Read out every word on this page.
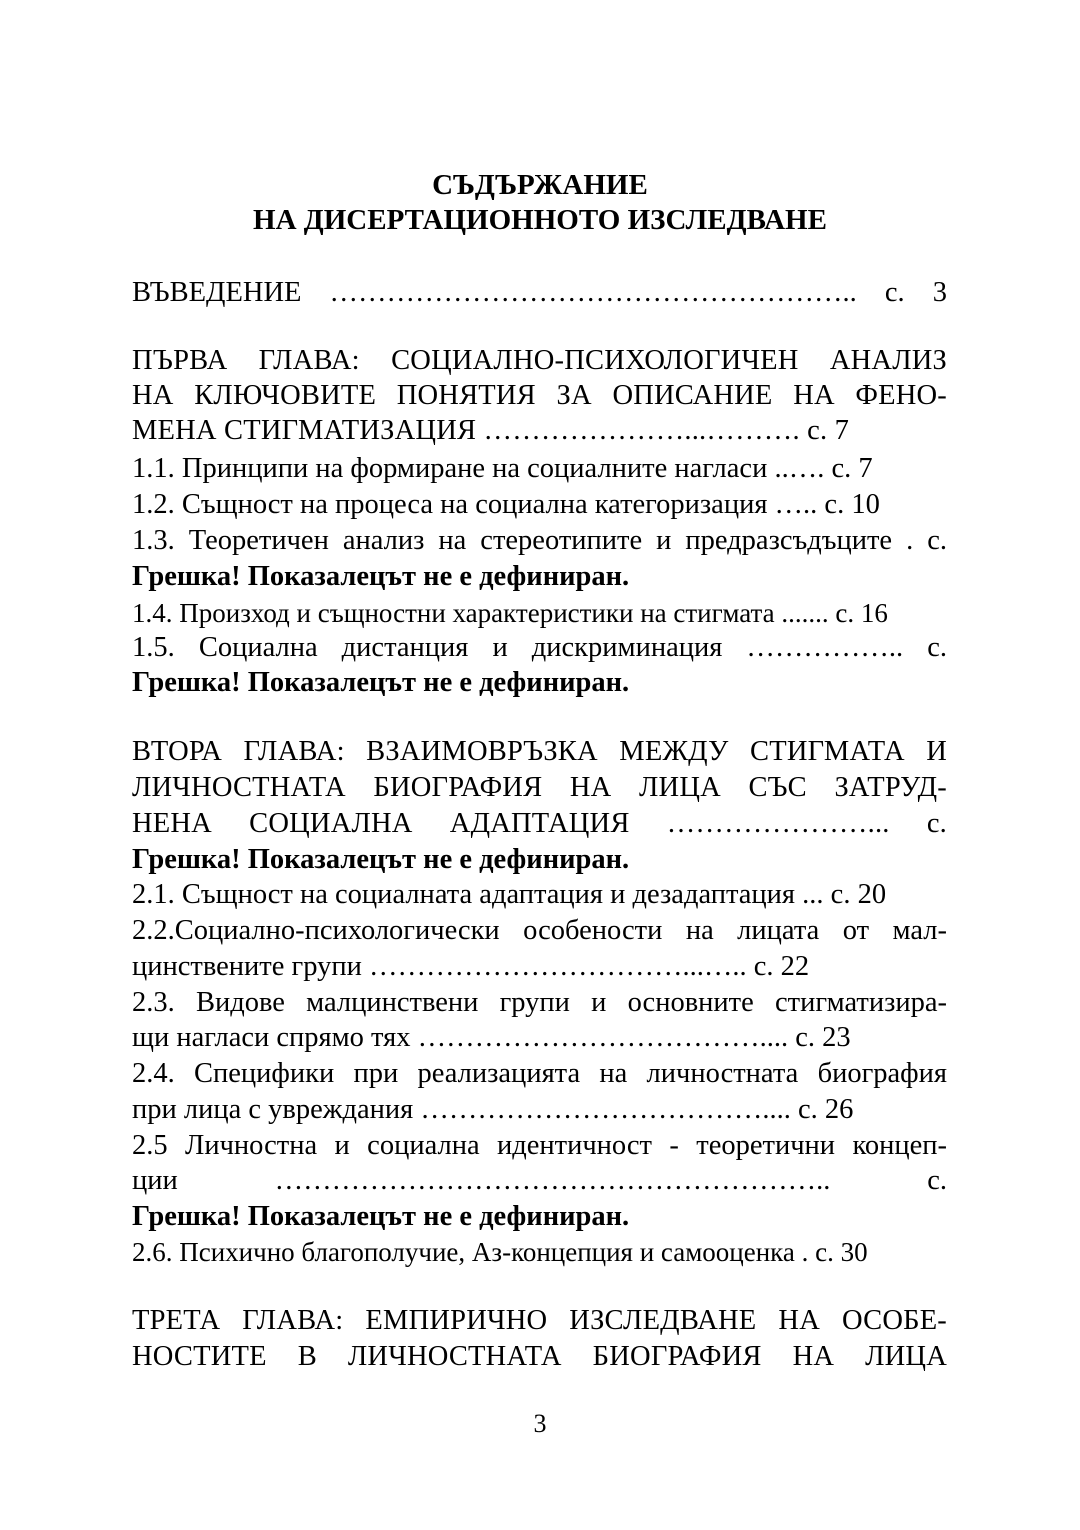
СЪДЪРЖАНИЕ
НА ДИСЕРТАЦИОННОТО ИЗСЛЕДВАНЕ
ВЪВЕДЕНИЕ ……………………………………………….. с. 3
ПЪРВА ГЛАВА: СОЦИАЛНО-ПСИХОЛОГИЧЕН АНАЛИЗ
НА КЛЮЧОВИТЕ ПОНЯТИЯ ЗА ОПИСАНИЕ НА ФЕНО-
МЕНА СТИГМАТИЗАЦИЯ …………………...………. с. 7
1.1. Принципи на формиране на социалните нагласи ..…. с. 7
1.2. Същност на процеса на социална категоризация ….. с. 10
1.3. Теоретичен анализ на стереотипите и предразсъдъците . с.
Грешка! Показалецът не е дефиниран.
1.4. Произход и същностни характеристики на стигмата ....... с. 16
1.5. Социална дистанция и дискриминация …………….. с.
Грешка! Показалецът не е дефиниран.
ВТОРА ГЛАВА: ВЗАИМОВРЪЗКА МЕЖДУ СТИГМАТА И
ЛИЧНОСТНАТА БИОГРАФИЯ НА ЛИЦА СЪС ЗАТРУД-
НЕНА СОЦИАЛНА АДАПТАЦИЯ …………………... с.
Грешка! Показалецът не е дефиниран.
2.1. Същност на социалната адаптация и дезадаптация ... с. 20
2.2.Социално-психологически особености на лицата от мал-
цинствените групи ……………………………...….. с. 22
2.3. Видове малцинствени групи и основните стигматизира-
щи нагласи спрямо тях ……………………………….... с. 23
2.4. Специфики при реализацията на личностната биография
при лица с увреждания ……………………………….... с. 26
2.5 Личностна и социална идентичност - теоретични концеп-
ции ………………………………………………….. с.
Грешка! Показалецът не е дефиниран.
2.6. Психично благополучие, Аз-концепция и самооценка . с. 30
ТРЕТА ГЛАВА: ЕМПИРИЧНО ИЗСЛЕДВАНЕ НА ОСОБЕ-
НОСТИТЕ В ЛИЧНОСТНАТА БИОГРАФИЯ НА ЛИЦА
3
